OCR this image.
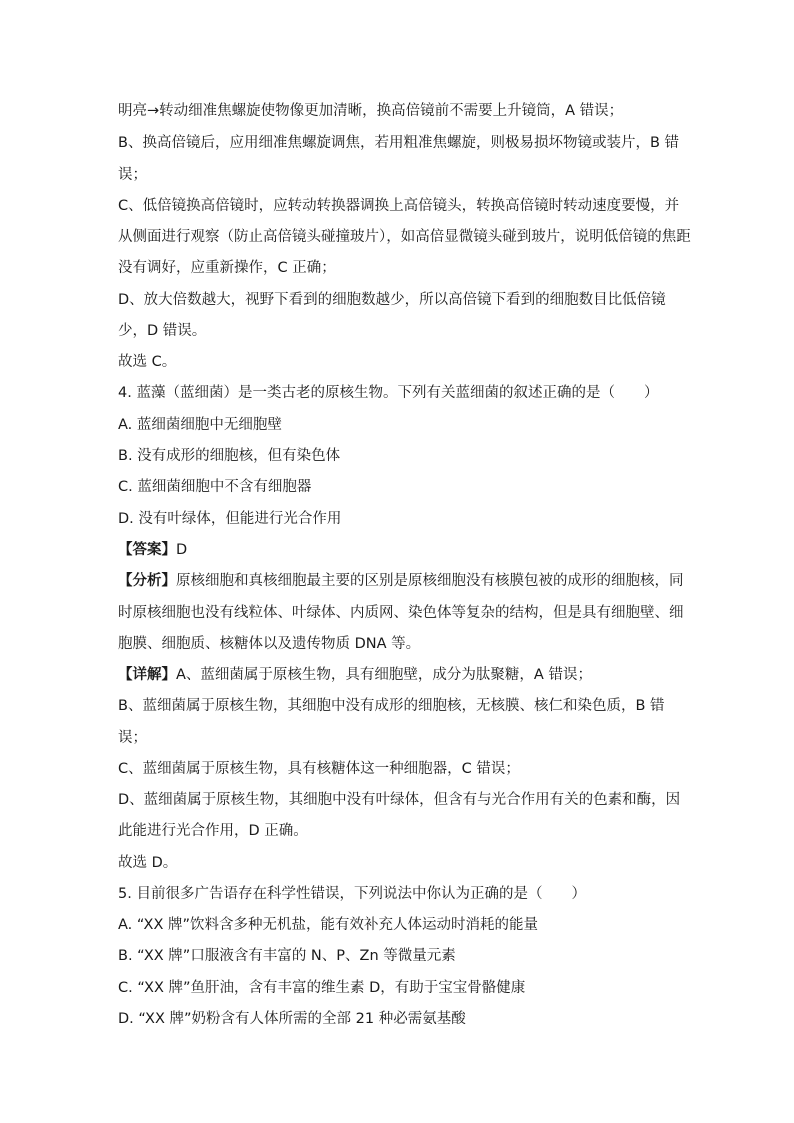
明亮→转动细准焦螺旋使物像更加清晰，换高倍镜前不需要上升镜筒，A 错误；
B、换高倍镜后，应用细准焦螺旋调焦，若用粗准焦螺旋，则极易损坏物镜或装片，B 错
误；
C、低倍镜换高倍镜时，应转动转换器调换上高倍镜头，转换高倍镜时转动速度要慢，并
从侧面进行观察（防止高倍镜头碰撞玻片），如高倍显微镜头碰到玻片，说明低倍镜的焦距
没有调好，应重新操作，C 正确；
D、放大倍数越大，视野下看到的细胞数越少，所以高倍镜下看到的细胞数目比低倍镜
少，D 错误。
故选 C。
4. 蓝藻（蓝细菌）是一类古老的原核生物。下列有关蓝细菌的叙述正确的是（　　）
A. 蓝细菌细胞中无细胞壁
B. 没有成形的细胞核，但有染色体
C. 蓝细菌细胞中不含有细胞器
D. 没有叶绿体，但能进行光合作用
【答案】D
【分析】原核细胞和真核细胞最主要的区别是原核细胞没有核膜包被的成形的细胞核，同
时原核细胞也没有线粒体、叶绿体、内质网、染色体等复杂的结构，但是具有细胞壁、细
胞膜、细胞质、核糖体以及遗传物质 DNA 等。
【详解】A、蓝细菌属于原核生物，具有细胞壁，成分为肽聚糖，A 错误；
B、蓝细菌属于原核生物，其细胞中没有成形的细胞核，无核膜、核仁和染色质，B 错
误；
C、蓝细菌属于原核生物，具有核糖体这一种细胞器，C 错误；
D、蓝细菌属于原核生物，其细胞中没有叶绿体，但含有与光合作用有关的色素和酶，因
此能进行光合作用，D 正确。
故选 D。
5. 目前很多广告语存在科学性错误，下列说法中你认为正确的是（　　）
A. “XX 牌”饮料含多种无机盐，能有效补充人体运动时消耗的能量
B. “XX 牌”口服液含有丰富的 N、P、Zn 等微量元素
C. “XX 牌”鱼肝油，含有丰富的维生素 D，有助于宝宝骨骼健康
D. “XX 牌”奶粉含有人体所需的全部 21 种必需氨基酸
